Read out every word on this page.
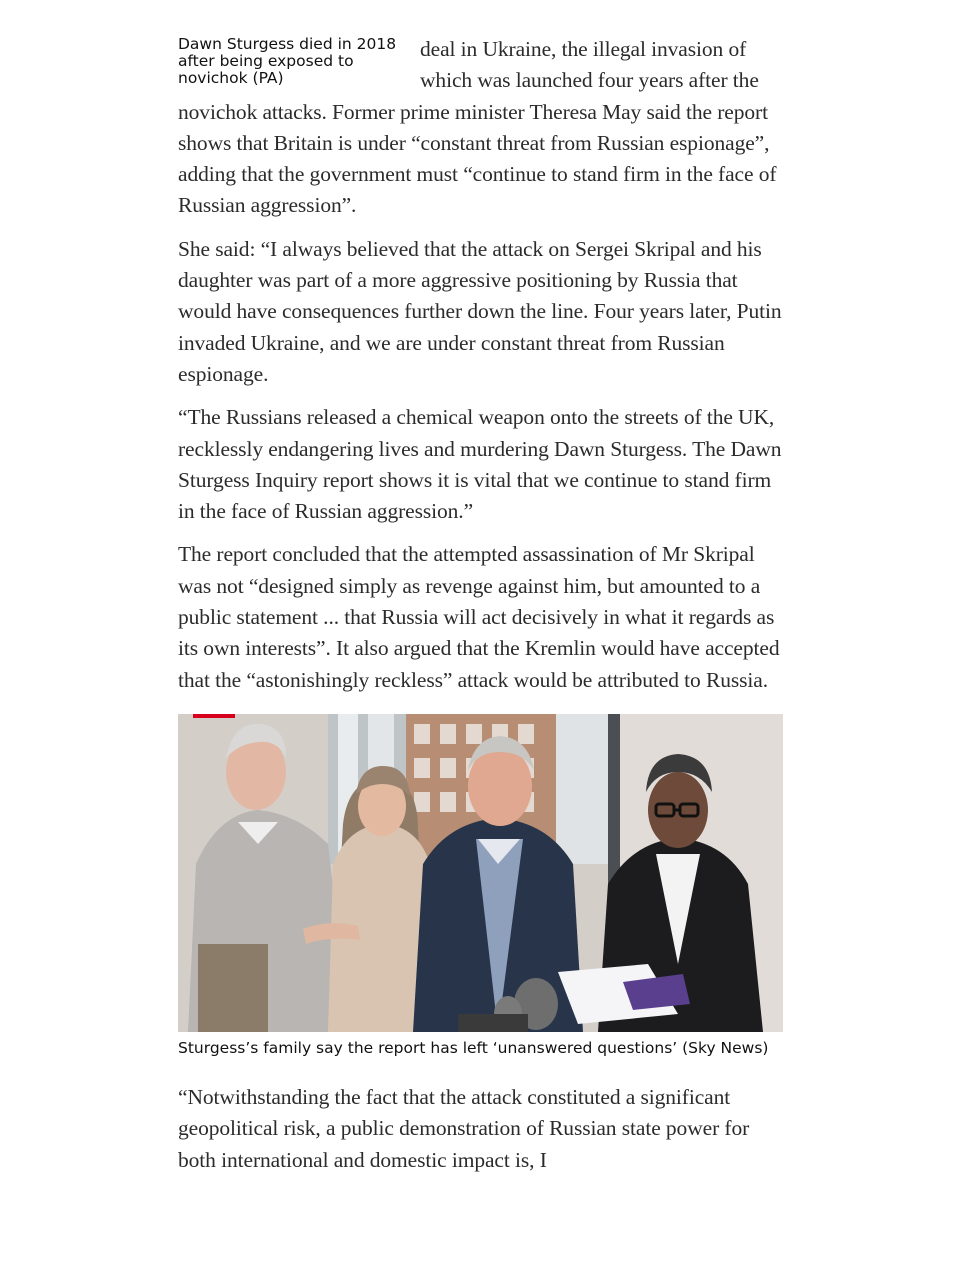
Dawn Sturgess died in 2018 after being exposed to novichok (PA)

deal in Ukraine, the illegal invasion of which was launched four years after the novichok attacks. Former prime minister Theresa May said the report shows that Britain is under “constant threat from Russian espionage”, adding that the government must “continue to stand firm in the face of Russian aggression”.

She said: “I always believed that the attack on Sergei Skripal and his daughter was part of a more aggressive positioning by Russia that would have consequences further down the line. Four years later, Putin invaded Ukraine, and we are under constant threat from Russian espionage.

“The Russians released a chemical weapon onto the streets of the UK, recklessly endangering lives and murdering Dawn Sturgess. The Dawn Sturgess Inquiry report shows it is vital that we continue to stand firm in the face of Russian aggression.”

The report concluded that the attempted assassination of Mr Skripal was not “designed simply as revenge against him, but amounted to a public statement ... that Russia will act decisively in what it regards as its own interests”. It also argued that the Kremlin would have accepted that the “astonishingly reckless” attack would be attributed to Russia.

Sturgess’s family say the report has left ‘unanswered questions’ (Sky News)

“Notwithstanding the fact that the attack constituted a significant geopolitical risk, a public demonstration of Russian state power for both international and domestic impact is, I
